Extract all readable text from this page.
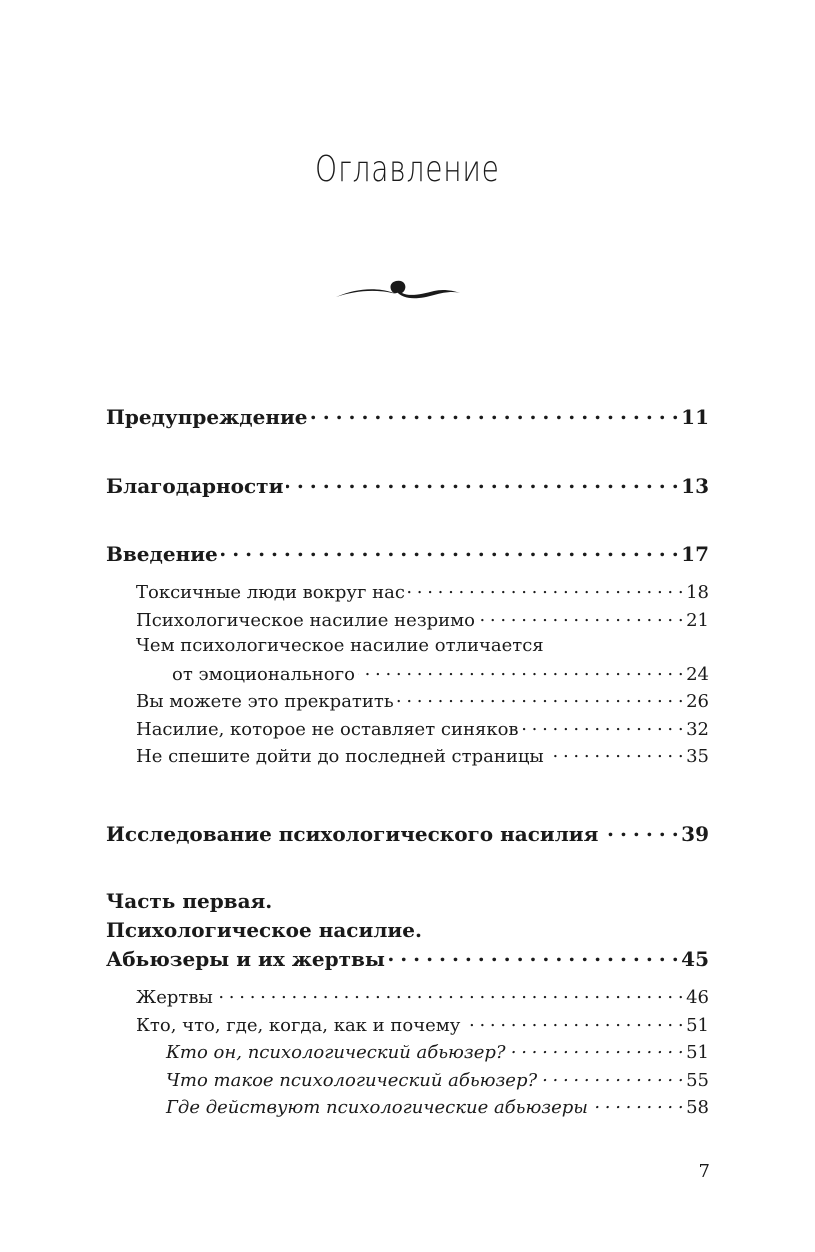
Оглавление
Предупреждение . . .	11
Благодарности . . .	13
Введение . . .	17
Токсичные люди вокруг нас . . .	18
Психологическое насилие незримо . . .	21
Чем психологическое насилие отличается
от эмоционального . . .	24
Вы можете это прекратить . . .	26
Насилие, которое не оставляет синяков . . .	32
Не спешите дойти до последней страницы . . .	35
Исследование психологического насилия . . .	39
Часть первая.
Психологическое насилие.
Абьюзеры и их жертвы . . .	45
Жертвы . . .	46
Кто, что, где, когда, как и почему . . .	51
Кто он, психологический абьюзер? . . .	51
Что такое психологический абьюзер? . . .	55
Где действуют психологические абьюзеры . . .	58
7
